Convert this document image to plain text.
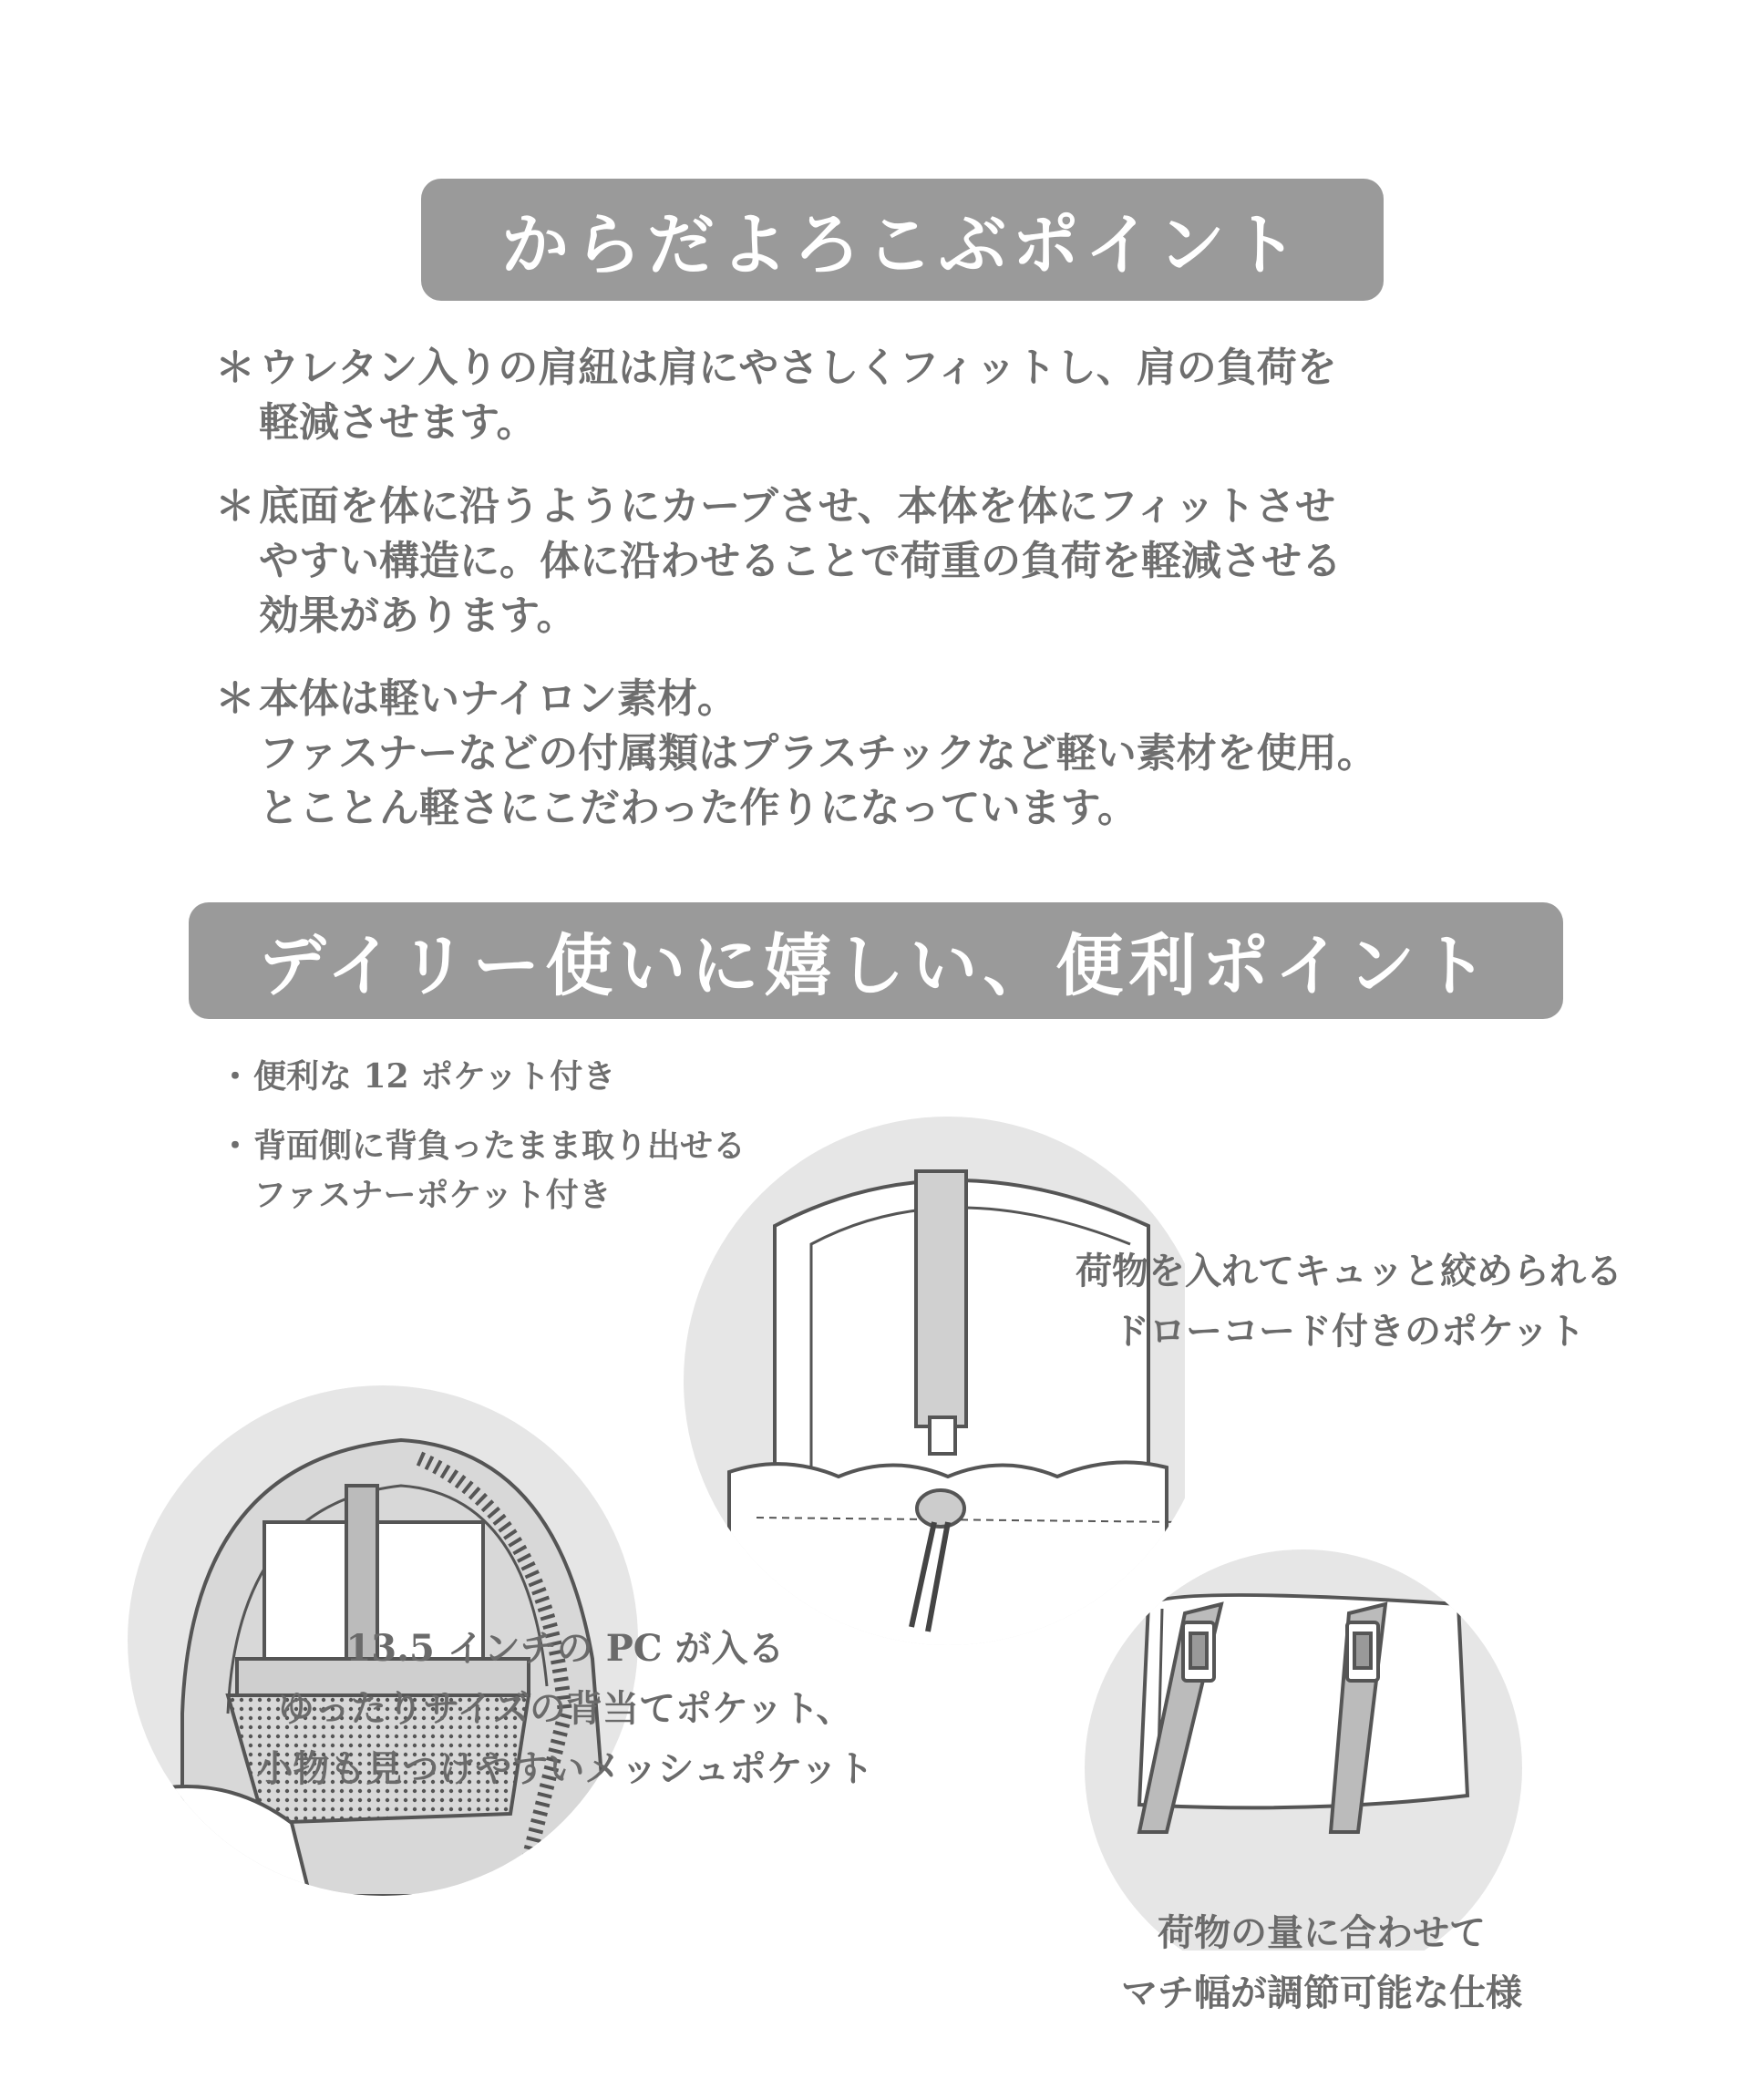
からだよろこぶポイント
＊ ウレタン入りの肩紐は肩にやさしくフィットし、肩の負荷を
軽減させます。
＊ 底面を体に沿うようにカーブさせ、本体を体にフィットさせ
やすい構造に。体に沿わせることで荷重の負荷を軽減させる
効果があります。
＊ 本体は軽いナイロン素材。
ファスナーなどの付属類はプラスチックなど軽い素材を使用。
とことん軽さにこだわった作りになっています。
デイリー使いに嬉しい、便利ポイント
・ 便利な 12 ポケット付き
・ 背面側に背負ったまま取り出せる
ファスナーポケット付き
荷物を入れてキュッと絞められる
ドローコード付きのポケット
13.5 インチの PC が入る
ゆったりサイズの背当てポケット、
小物も見つけやすいメッシュポケット
荷物の量に合わせて
マチ幅が調節可能な仕様
